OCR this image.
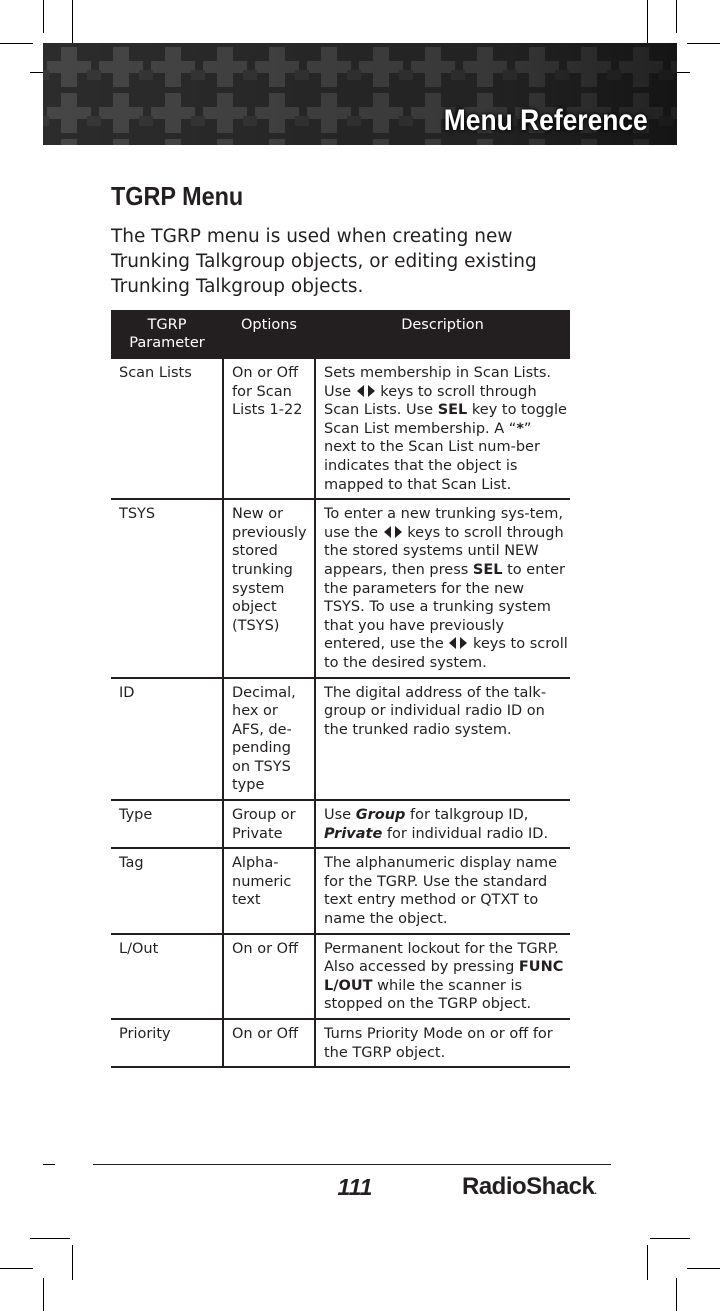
Menu Reference
TGRP Menu
The TGRP menu is used when creating new Trunking Talkgroup objects, or editing existing Trunking Talkgroup objects.
TGRP Parameter	Options	Description
Scan Lists	On or Off for Scan Lists 1-22	Sets membership in Scan Lists. Use  keys to scroll through Scan Lists. Use SEL key to toggle Scan List membership. A “*” next to the Scan List num-ber indicates that the object is mapped to that Scan List.
TSYS	New or previously stored trunking system object (TSYS)	To enter a new trunking sys-tem, use the  keys to scroll through the stored systems until NEW appears, then press SEL to enter the parameters for the new TSYS. To use a trunking system that you have previously entered, use the  keys to scroll to the desired system.
ID	Decimal, hex or AFS, de-pending on TSYS type	The digital address of the talk-group or individual radio ID on the trunked radio system.
Type	Group or Private	Use Group for talkgroup ID, Private for individual radio ID.
Tag	Alpha-numeric text	The alphanumeric display name for the TGRP. Use the standard text entry method or QTXT to name the object.
L/Out	On or Off	Permanent lockout for the TGRP. Also accessed by pressing FUNC L/OUT while the scanner is stopped on the TGRP object.
Priority	On or Off	Turns Priority Mode on or off for the TGRP object.
111	RadioShack.
